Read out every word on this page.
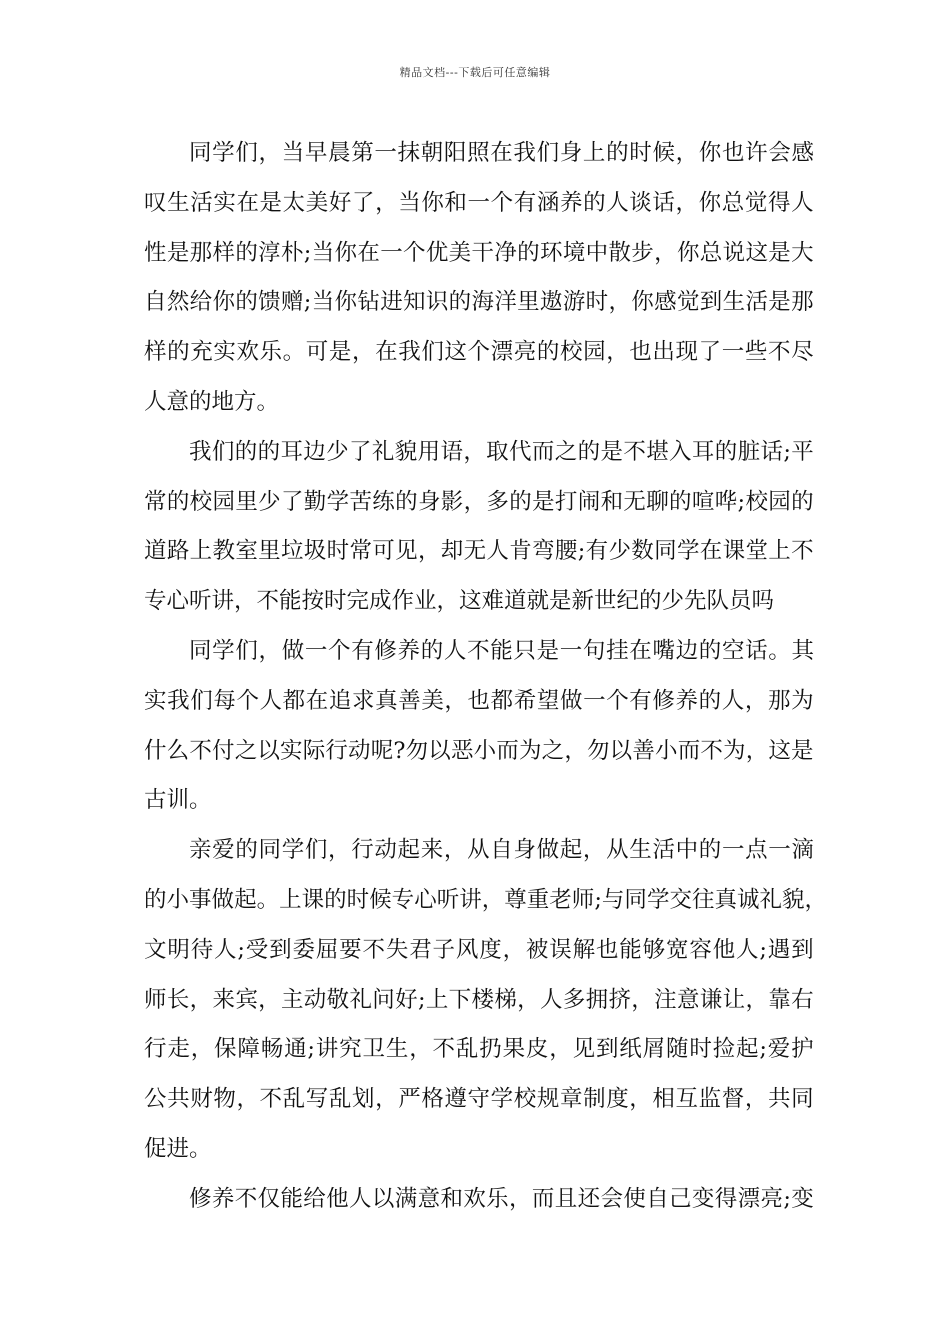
精品文档---下载后可任意编辑
同 学 们 ， 当 早 晨 第 一 抹 朝 阳 照 在 我 们 身 上 的 时 候 ， 你 也 许 会 感
叹 生 活 实 在 是 太 美 好 了 ， 当 你 和 一 个 有 涵 养 的 人 谈 话 ， 你 总 觉 得 人
性 是 那 样 的 淳 朴 ; 当 你 在 一 个 优 美 干 净 的 环 境 中 散 步 ， 你 总 说 这 是 大
自 然 给 你 的 馈 赠 ; 当 你 钻 进 知 识 的 海 洋 里 遨 游 时 ， 你 感 觉 到 生 活 是 那
样 的 充 实 欢 乐 。 可 是 ， 在 我 们 这 个 漂 亮 的 校 园 ， 也 出 现 了 一 些 不 尽
人意的地方。
我 们 的 的 耳 边 少 了 礼 貌 用 语 ， 取 代 而 之 的 是 不 堪 入 耳 的 脏 话 ; 平
常 的 校 园 里 少 了 勤 学 苦 练 的 身 影 ， 多 的 是 打 闹 和 无 聊 的 喧 哗 ; 校 园 的
道 路 上 教 室 里 垃 圾 时 常 可 见 ， 却 无 人 肯 弯 腰 ; 有 少 数 同 学 在 课 堂 上 不
专心听讲，不能按时完成作业，这难道就是新世纪的少先队员吗
同 学 们 ， 做 一 个 有 修 养 的 人 不 能 只 是 一 句 挂 在 嘴 边 的 空 话 。 其
实 我 们 每 个 人 都 在 追 求 真 善 美 ， 也 都 希 望 做 一 个 有 修 养 的 人 ， 那 为
什 么 不 付 之 以 实 际 行 动 呢 ? 勿 以 恶 小 而 为 之 ， 勿 以 善 小 而 不 为 ， 这 是
古训。
亲 爱 的 同 学 们 ， 行 动 起 来 ， 从 自 身 做 起 ， 从 生 活 中 的 一 点 一 滴
的 小 事 做 起 。 上 课 的 时 候 专 心 听 讲 ， 尊 重 老 师 ; 与 同 学 交 往 真 诚 礼 貌 ，
文 明 待 人 ; 受 到 委 屈 要 不 失 君 子 风 度 ， 被 误 解 也 能 够 宽 容 他 人 ; 遇 到
师 长 ， 来 宾 ， 主 动 敬 礼 问 好 ; 上 下 楼 梯 ， 人 多 拥 挤 ， 注 意 谦 让 ， 靠 右
行 走 ， 保 障 畅 通 ; 讲 究 卫 生 ， 不 乱 扔 果 皮 ， 见 到 纸 屑 随 时 捡 起 ; 爱 护
公 共 财 物 ， 不 乱 写 乱 划 ， 严 格 遵 守 学 校 规 章 制 度 ， 相 互 监 督 ， 共 同
促进。
修 养 不 仅 能 给 他 人 以 满 意 和 欢 乐 ， 而 且 还 会 使 自 己 变 得 漂 亮 ; 变
